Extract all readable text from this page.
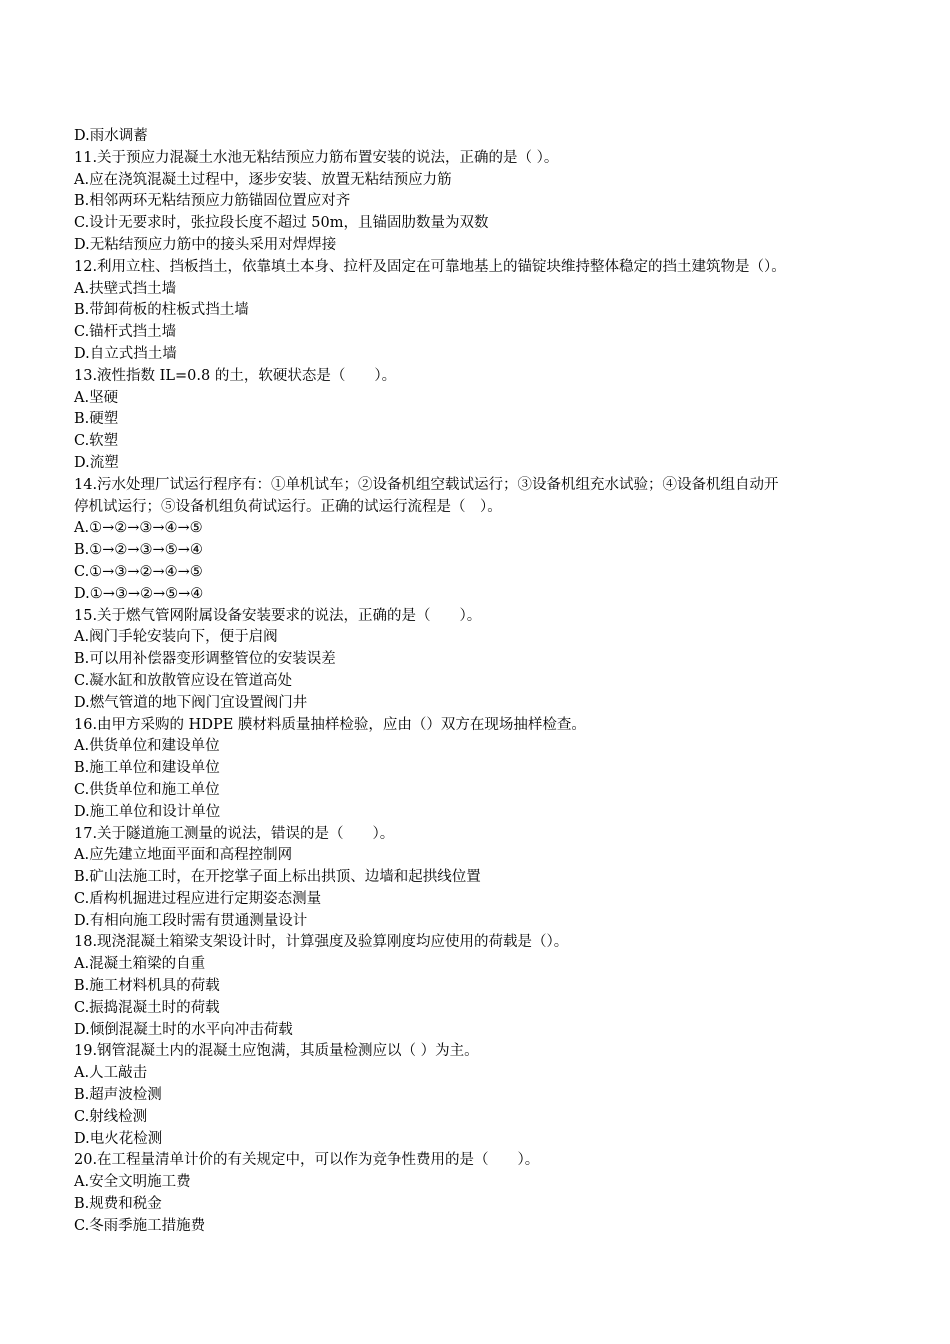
D.雨水调蓄
11.关于预应力混凝土水池无粘结预应力筋布置安装的说法，正确的是（ ）。
A.应在浇筑混凝土过程中，逐步安装、放置无粘结预应力筋
B.相邻两环无粘结预应力筋锚固位置应对齐
C.设计无要求时，张拉段长度不超过 50m，且锚固肋数量为双数
D.无粘结预应力筋中的接头采用对焊焊接
12.利用立柱、挡板挡土，依靠填土本身、拉杆及固定在可靠地基上的锚锭块维持整体稳定的挡土建筑物是（）。
A.扶壁式挡土墙
B.带卸荷板的柱板式挡土墙
C.锚杆式挡土墙
D.自立式挡土墙
13.液性指数 IL=0.8 的土，软硬状态是（　　）。
A.坚硬
B.硬塑
C.软塑
D.流塑
14.污水处理厂试运行程序有：①单机试车；②设备机组空载试运行；③设备机组充水试验；④设备机组自动开
停机试运行；⑤设备机组负荷试运行。正确的试运行流程是（　）。
A.①→②→③→④→⑤
B.①→②→③→⑤→④
C.①→③→②→④→⑤
D.①→③→②→⑤→④
15.关于燃气管网附属设备安装要求的说法，正确的是（　　）。
A.阀门手轮安装向下，便于启阀
B.可以用补偿器变形调整管位的安装误差
C.凝水缸和放散管应设在管道高处
D.燃气管道的地下阀门宜设置阀门井
16.由甲方采购的 HDPE 膜材料质量抽样检验，应由（）双方在现场抽样检查。
A.供货单位和建设单位
B.施工单位和建设单位
C.供货单位和施工单位
D.施工单位和设计单位
17.关于隧道施工测量的说法，错误的是（　　）。
A.应先建立地面平面和高程控制网
B.矿山法施工时，在开挖掌子面上标出拱顶、边墙和起拱线位置
C.盾构机掘进过程应进行定期姿态测量
D.有相向施工段时需有贯通测量设计
18.现浇混凝土箱梁支架设计时，计算强度及验算刚度均应使用的荷载是（）。
A.混凝土箱梁的自重
B.施工材料机具的荷载
C.振捣混凝土时的荷载
D.倾倒混凝土时的水平向冲击荷载
19.钢管混凝土内的混凝土应饱满，其质量检测应以（ ）为主。
A.人工敲击
B.超声波检测
C.射线检测
D.电火花检测
20.在工程量清单计价的有关规定中，可以作为竞争性费用的是（　　）。
A.安全文明施工费
B.规费和税金
C.冬雨季施工措施费
